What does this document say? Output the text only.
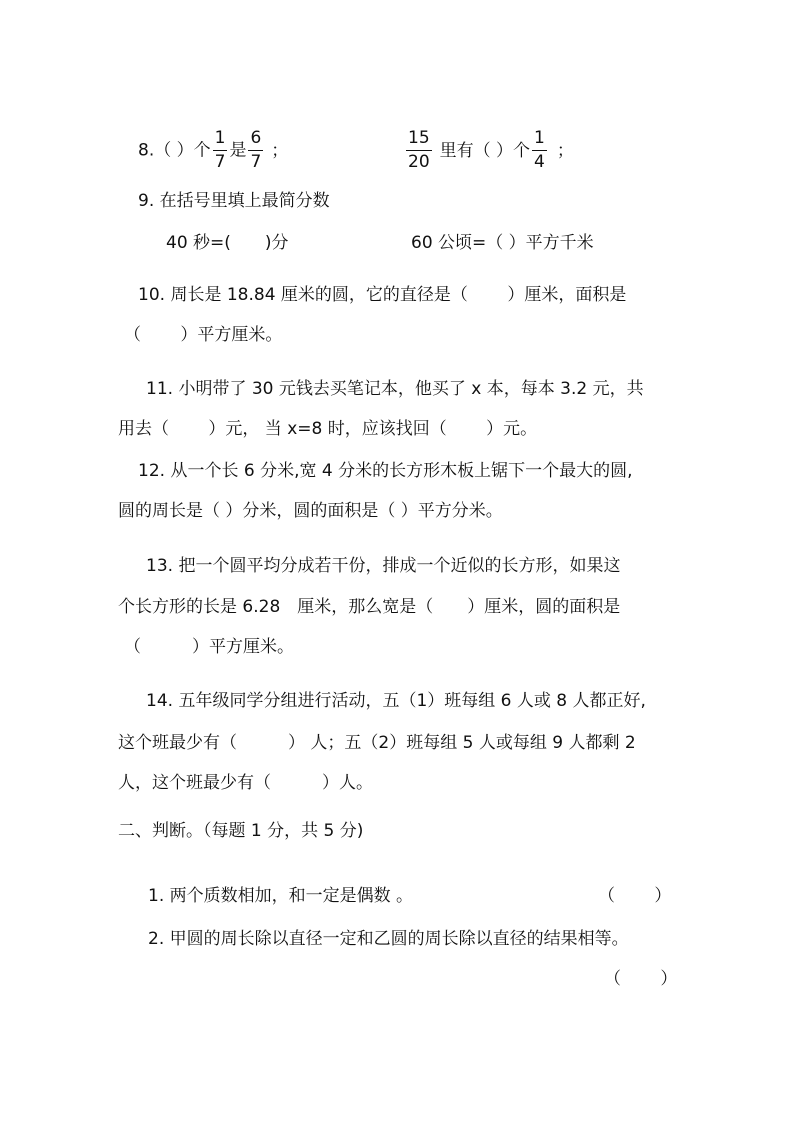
8.（ ）个 $\frac{1}{7}$ 是 $\frac{6}{7}$ ；	$\frac{15}{20}$ 里有（ ）个 $\frac{1}{4}$ ；
9. 在括号里填上最简分数
40 秒=(　　)分	60 公顷=（ ）平方千米
10. 周长是 18.84 厘米的圆，它的直径是（　　 ）厘米，面积是
（　　 ）平方厘米。
11. 小明带了 30 元钱去买笔记本，他买了 x 本，每本 3.2 元，共
用去（　　 ）元， 当 x=8 时，应该找回（　　 ）元。
12. 从一个长 6 分米,宽 4 分米的长方形木板上锯下一个最大的圆,
圆的周长是（ ）分米，圆的面积是（ ）平方分米。
13. 把一个圆平均分成若干份，排成一个近似的长方形，如果这
个长方形的长是 6.28　厘米，那么宽是（　　）厘米，圆的面积是
（　　　）平方厘米。
14. 五年级同学分组进行活动，五（1）班每组 6 人或 8 人都正好,
这个班最少有（　　　） 人；五（2）班每组 5 人或每组 9 人都剩 2
人，这个班最少有（　　　）人。
二、判断。（每题 1 分，共 5 分)
1. 两个质数相加，和一定是偶数 。	（　　 ）
2. 甲圆的周长除以直径一定和乙圆的周长除以直径的结果相等。
（　　 ）
